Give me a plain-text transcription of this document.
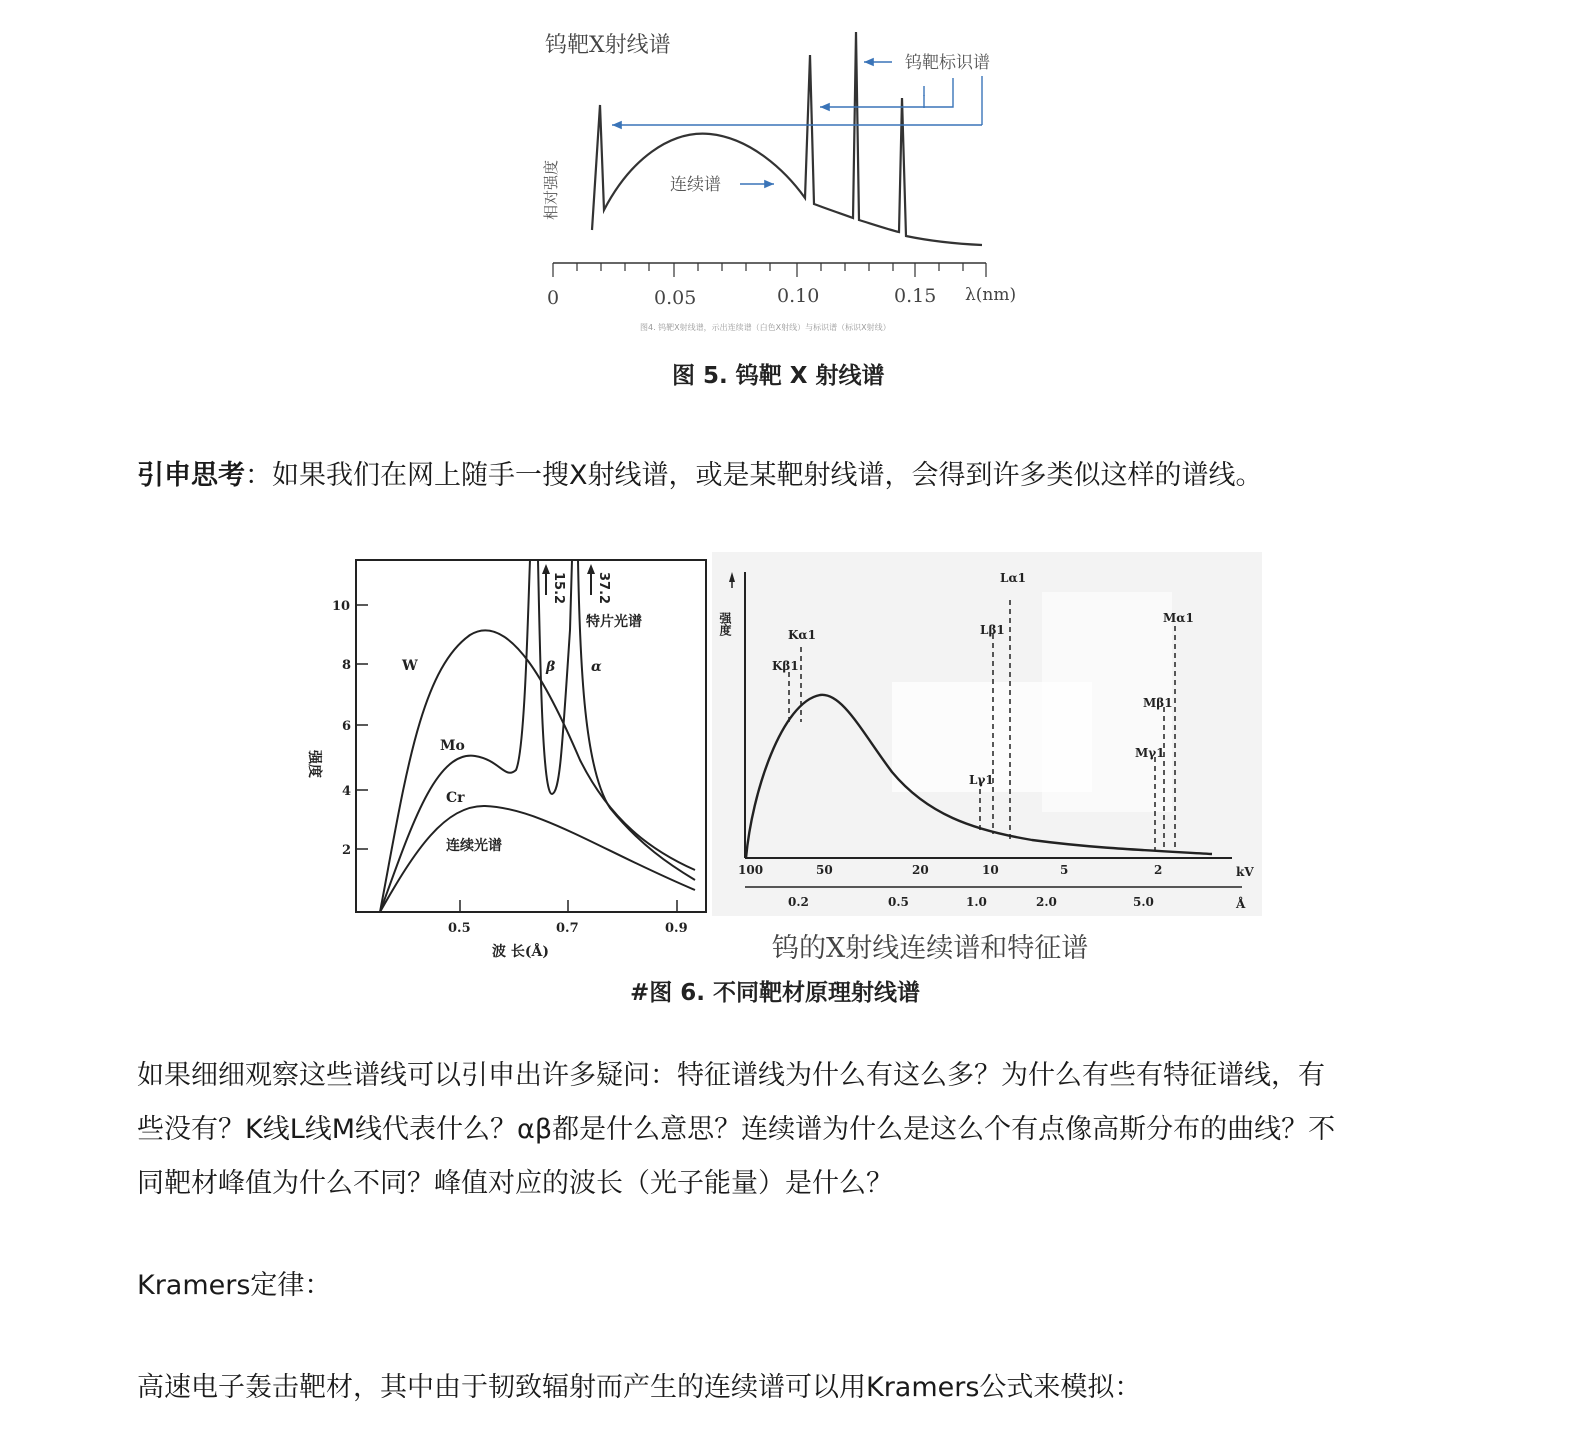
钨靶X射线谱
相对强度
0	0.05	0.10	0.15 λ(nm)
钨靶标识谱
连续谱
图4. 钨靶X射线谱，示出连续谱（白色X射线）与标识谱（标识X射线）
图 5. 钨靶 X 射线谱
引申思考：如果我们在网上随手一搜X射线谱，或是某靶射线谱，会得到许多类似这样的谱线。
强度
10
8
6
4
2
0.5	0.7	0.9
波 长(Å)
15.2 37.2
W
Mo
Cr
连续光谱
特片光谱
β	α
强度	Kα1
Kβ1
Lα1
Lβ1
Lγ1
Mα1
Mβ1
Mγ1
100	50	20	10	5	2	kV
0.2	0.5	1.0	2.0	5.0	Å
钨的X射线连续谱和特征谱
#图 6. 不同靶材原理射线谱
如果细细观察这些谱线可以引申出许多疑问：特征谱线为什么有这么多？为什么有些有特征谱线，有
些没有？K线L线M线代表什么？αβ都是什么意思？连续谱为什么是这么个有点像高斯分布的曲线？不
同靶材峰值为什么不同？峰值对应的波长（光子能量）是什么？
Kramers定律：
高速电子轰击靶材，其中由于韧致辐射而产生的连续谱可以用Kramers公式来模拟：
